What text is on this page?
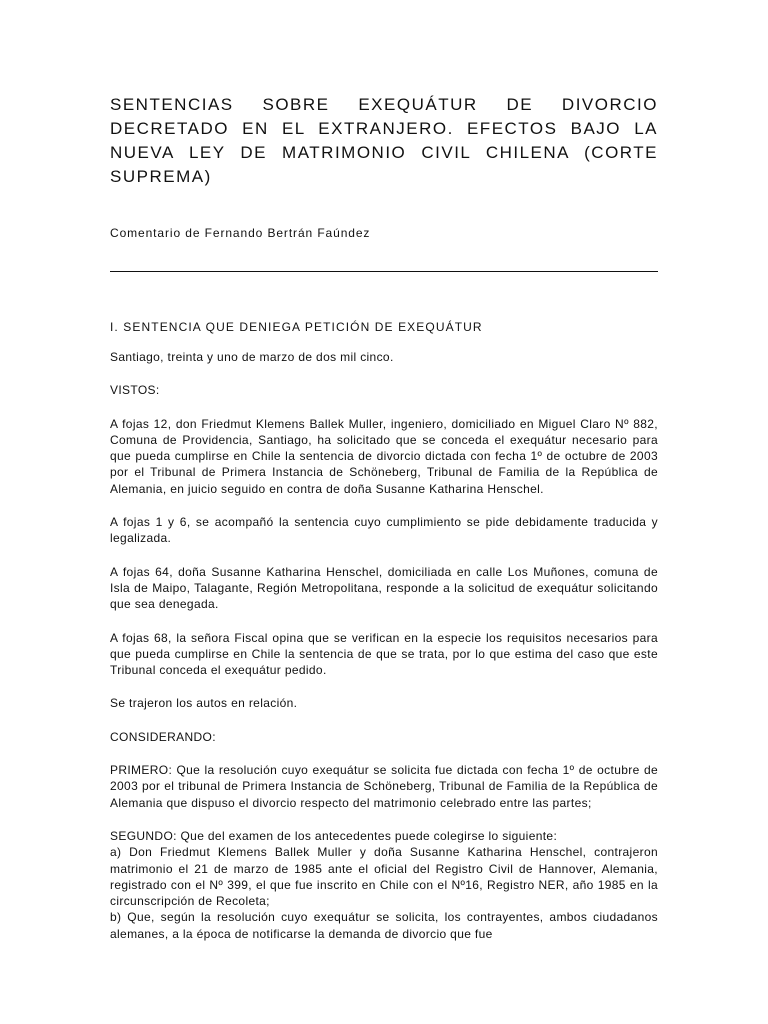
SENTENCIAS SOBRE EXEQUÁTUR DE DIVORCIO DECRETADO EN EL EXTRANJERO. EFECTOS BAJO LA NUEVA LEY DE MATRIMONIO CIVIL CHILENA (CORTE SUPREMA)

Comentario de Fernando Bertrán Faúndez

I. SENTENCIA QUE DENIEGA PETICIÓN DE EXEQUÁTUR

Santiago, treinta y uno de marzo de dos mil cinco.

VISTOS:

A fojas 12, don Friedmut Klemens Ballek Muller, ingeniero, domiciliado en Miguel Claro Nº 882, Comuna de Providencia, Santiago, ha solicitado que se conceda el exequátur necesario para que pueda cumplirse en Chile la sentencia de divorcio dictada con fecha 1º de octubre de 2003 por el Tribunal de Primera Instancia de Schöneberg, Tribunal de Familia de la República de Alemania, en juicio seguido en contra de doña Susanne Katharina Henschel.

A fojas 1 y 6, se acompañó la sentencia cuyo cumplimiento se pide debidamente traducida y legalizada.

A fojas 64, doña Susanne Katharina Henschel, domiciliada en calle Los Muñones, comuna de Isla de Maipo, Talagante, Región Metropolitana, responde a la solicitud de exequátur solicitando que sea denegada.

A fojas 68, la señora Fiscal opina que se verifican en la especie los requisitos necesarios para que pueda cumplirse en Chile la sentencia de que se trata, por lo que estima del caso que este Tribunal conceda el exequátur pedido.

Se trajeron los autos en relación.

CONSIDERANDO:

PRIMERO: Que la resolución cuyo exequátur se solicita fue dictada con fecha 1º de octubre de 2003 por el tribunal de Primera Instancia de Schöneberg, Tribunal de Familia de la República de Alemania que dispuso el divorcio respecto del matrimonio celebrado entre las partes;

SEGUNDO: Que del examen de los antecedentes puede colegirse lo siguiente:
a) Don Friedmut Klemens Ballek Muller y doña Susanne Katharina Henschel, contrajeron matrimonio el 21 de marzo de 1985 ante el oficial del Registro Civil de Hannover, Alemania, registrado con el Nº 399, el que fue inscrito en Chile con el Nº16, Registro NER, año 1985 en la circunscripción de Recoleta;
b) Que, según la resolución cuyo exequátur se solicita, los contrayentes, ambos ciudadanos alemanes, a la época de notificarse la demanda de divorcio que fue
